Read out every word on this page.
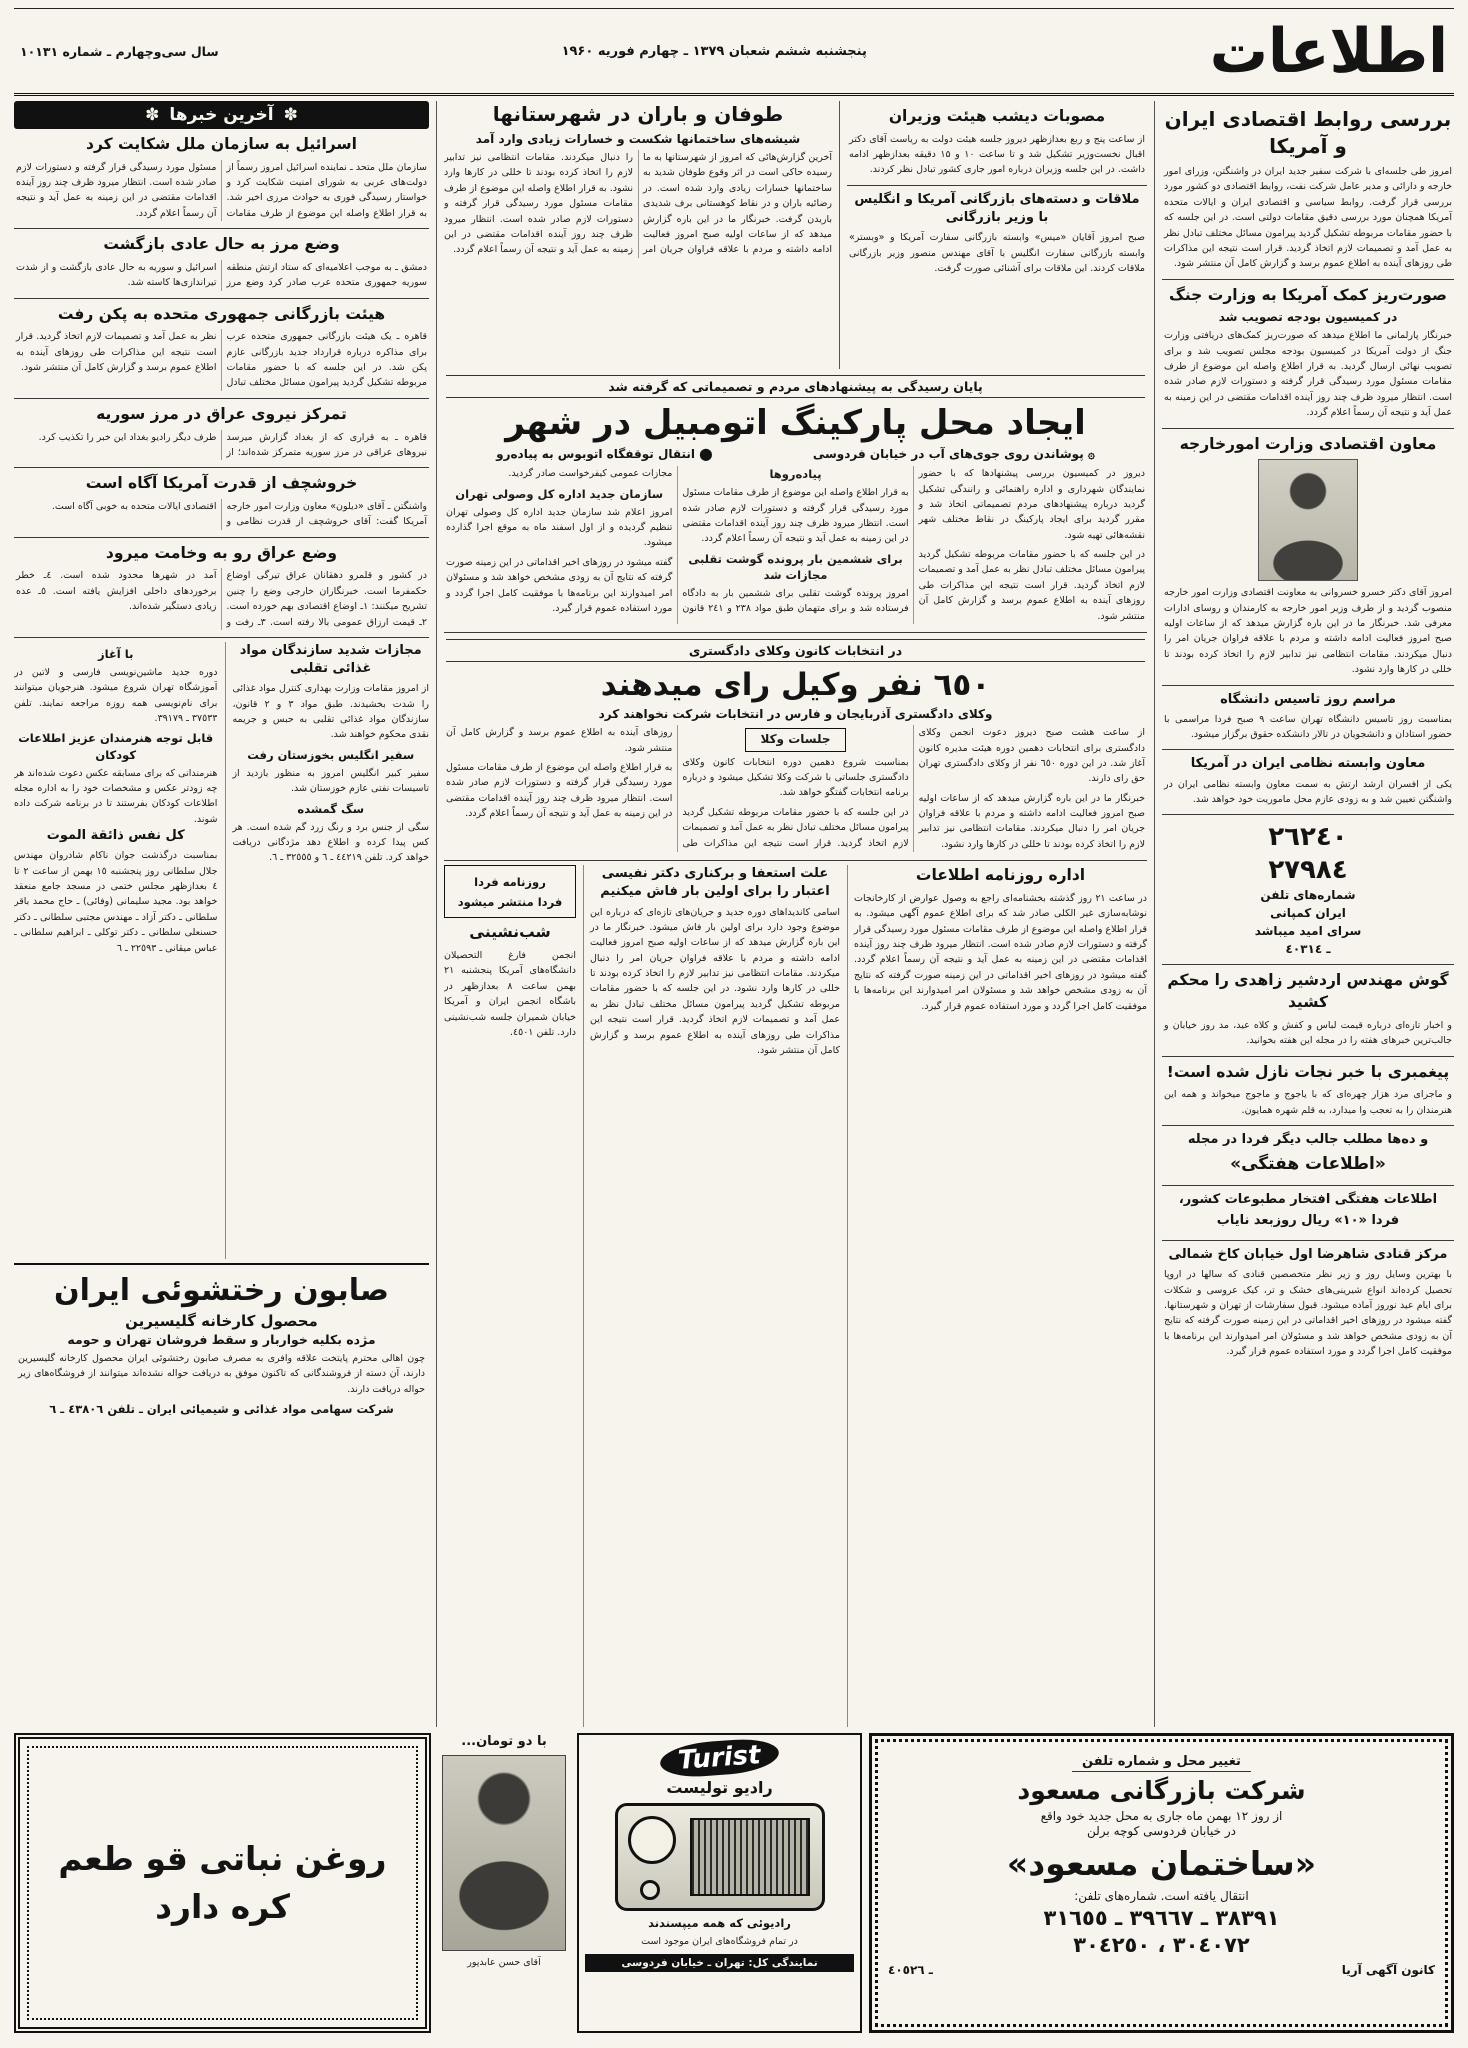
اطلاعات
پنجشنبه ششم شعبان ۱۳۷۹ ـ چهارم فوریه ۱۹۶۰
سال سی‌وچهارم ـ شماره ۱۰۱۳۱
بررسی روابط اقتصادی ایران و آمریکا
امروز طی جلسه‌ای با شرکت سفیر جدید ایران در واشنگتن، وزرای امور خارجه و دارائی و مدیر عامل شرکت نفت، روابط اقتصادی دو کشور مورد بررسی قرار گرفت. روابط سیاسی و اقتصادی ایران و ایالات متحده آمریکا همچنان مورد بررسی دقیق مقامات دولتی است. در این جلسه که با حضور مقامات مربوطه تشکیل گردید پیرامون مسائل مختلف تبادل نظر به عمل آمد و تصمیمات لازم اتخاذ گردید. قرار است نتیجه این مذاکرات طی روزهای آینده به اطلاع عموم برسد و گزارش کامل آن منتشر شود.
صورت‌ریز کمک آمریکا به وزارت جنگ
در کمیسیون بودجه تصویب شد
خبرنگار پارلمانی ما اطلاع میدهد که صورت‌ریز کمک‌های دریافتی وزارت جنگ از دولت آمریکا در کمیسیون بودجه مجلس تصویب شد و برای تصویب نهائی ارسال گردید. به قرار اطلاع واصله این موضوع از طرف مقامات مسئول مورد رسیدگی قرار گرفته و دستورات لازم صادر شده است. انتظار میرود ظرف چند روز آینده اقدامات مقتضی در این زمینه به عمل آید و نتیجه آن رسماً اعلام گردد.
معاون اقتصادی وزارت امورخارجه
امروز آقای دکتر خسرو خسروانی به معاونت اقتصادی وزارت امور خارجه منصوب گردید و از طرف وزیر امور خارجه به کارمندان و روسای ادارات معرفی شد. خبرنگار ما در این باره گزارش میدهد که از ساعات اولیه صبح امروز فعالیت ادامه داشته و مردم با علاقه فراوان جریان امر را دنبال میکردند. مقامات انتظامی نیز تدابیر لازم را اتخاذ کرده بودند تا خللی در کارها وارد نشود.
مراسم روز تاسیس دانشگاه
بمناسبت روز تاسیس دانشگاه تهران ساعت ۹ صبح فردا مراسمی با حضور استادان و دانشجویان در تالار دانشکده حقوق برگزار میشود.
معاون وابسته نظامی ایران در آمریکا
یکی از افسران ارشد ارتش به سمت معاون وابسته نظامی ایران در واشنگتن تعیین شد و به زودی عازم محل ماموریت خود خواهد شد.
۲٦۲٤۰
۲۷۹۸٤
شماره‌های تلفن
ایران کمپانی
سرای امید میباشد
ـ ٤۰۳۱٤
گوش مهندس اردشیر زاهدی را محکم کشید
و اخبار تازه‌ای درباره قیمت لباس و کفش و کلاه عید، مد روز خیابان و جالب‌ترین خبرهای هفته را در مجله این هفته بخوانید.
پیغمبری با خبر نجات نازل شده است!
و ماجرای مرد هزار چهره‌ای که با یاجوج و ماجوج میخواند و همه این هنرمندان را به تعجب وا میدارد، به قلم شهره همایون.
و ده‌ها مطلب جالب دیگر فردا در مجله
«اطلاعات هفتگی»
اطلاعات هفتگی افتخار مطبوعات کشور،
فردا «۱۰» ریال روزبعد نایاب
مرکز قنادی شاهرضا اول خیابان کاخ شمالی
با بهترین وسایل روز و زیر نظر متخصصین قنادی که سالها در اروپا تحصیل کرده‌اند انواع شیرینی‌های خشک و تر، کیک عروسی و شکلات برای ایام عید نوروز آماده میشود. قبول سفارشات از تهران و شهرستانها. گفته میشود در روزهای اخیر اقداماتی در این زمینه صورت گرفته که نتایج آن به زودی مشخص خواهد شد و مسئولان امر امیدوارند این برنامه‌ها با موفقیت کامل اجرا گردد و مورد استفاده عموم قرار گیرد.
مصوبات دیشب هیئت وزیران
از ساعت پنج و ربع بعدازظهر دیروز جلسه هیئت دولت به ریاست آقای دکتر اقبال نخست‌وزیر تشکیل شد و تا ساعت ۱۰ و ۱۵ دقیقه بعدازظهر ادامه داشت. در این جلسه وزیران درباره امور جاری کشور تبادل نظر کردند.
ملاقات و دسته‌های بازرگانی آمریکا و انگلیس با وزیر بازرگانی
صبح امروز آقایان «میس» وابسته بازرگانی سفارت آمریکا و «وبستر» وابسته بازرگانی سفارت انگلیس با آقای مهندس منصور وزیر بازرگانی ملاقات کردند. این ملاقات برای آشنائی صورت گرفت.
طوفان و باران در شهرستانها
شیشه‌های ساختمانها شکست و خسارات زیادی وارد آمد
آخرین گزارش‌هائی که امروز از شهرستانها به ما رسیده حاکی است در اثر وقوع طوفان شدید به ساختمانها خسارات زیادی وارد شده است. در رضائیه باران و در نقاط کوهستانی برف شدیدی باریدن گرفت. خبرنگار ما در این باره گزارش میدهد که از ساعات اولیه صبح امروز فعالیت ادامه داشته و مردم با علاقه فراوان جریان امر را دنبال میکردند. مقامات انتظامی نیز تدابیر لازم را اتخاذ کرده بودند تا خللی در کارها وارد نشود. به قرار اطلاع واصله این موضوع از طرف مقامات مسئول مورد رسیدگی قرار گرفته و دستورات لازم صادر شده است. انتظار میرود ظرف چند روز آینده اقدامات مقتضی در این زمینه به عمل آید و نتیجه آن رسماً اعلام گردد.
پایان رسیدگی به پیشنهادهای مردم و تصمیماتی که گرفته شد
ایجاد محل پارکینگ اتومبیل در شهر
۞ پوشاندن روی جوی‌های آب در خیابان فردوسی
⬤ انتقال توقفگاه اتوبوس به پیاده‌رو

دیروز در کمیسیون بررسی پیشنهادها که با حضور نمایندگان شهرداری و اداره راهنمائی و رانندگی تشکیل گردید درباره پیشنهادهای مردم تصمیماتی اتخاذ شد و مقرر گردید برای ایجاد پارکینگ در نقاط مختلف شهر نقشه‌هائی تهیه شود.

در این جلسه که با حضور مقامات مربوطه تشکیل گردید پیرامون مسائل مختلف تبادل نظر به عمل آمد و تصمیمات لازم اتخاذ گردید. قرار است نتیجه این مذاکرات طی روزهای آینده به اطلاع عموم برسد و گزارش کامل آن منتشر شود.

پیاده‌روها

به قرار اطلاع واصله این موضوع از طرف مقامات مسئول مورد رسیدگی قرار گرفته و دستورات لازم صادر شده است. انتظار میرود ظرف چند روز آینده اقدامات مقتضی در این زمینه به عمل آید و نتیجه آن رسماً اعلام گردد.

برای ششمین بار پرونده گوشت تقلبی مجازات شد

امروز پرونده گوشت تقلبی برای ششمین بار به دادگاه فرستاده شد و برای متهمان طبق مواد ۲۳۸ و ۲٤۱ قانون مجازات عمومی کیفرخواست صادر گردید.

سازمان جدید اداره کل وصولی تهران

امروز اعلام شد سازمان جدید اداره کل وصولی تهران تنظیم گردیده و از اول اسفند ماه به موقع اجرا گذارده میشود.

گفته میشود در روزهای اخیر اقداماتی در این زمینه صورت گرفته که نتایج آن به زودی مشخص خواهد شد و مسئولان امر امیدوارند این برنامه‌ها با موفقیت کامل اجرا گردد و مورد استفاده عموم قرار گیرد.

در انتخابات کانون وکلای دادگستری
٦٥۰ نفر وکیل رای میدهند
وکلای دادگستری آذربایجان و فارس در انتخابات شرکت نخواهند کرد

از ساعت هشت صبح دیروز دعوت انجمن وکلای دادگستری برای انتخابات دهمین دوره هیئت مدیره کانون آغاز شد. در این دوره ٦٥۰ نفر از وکلای دادگستری تهران حق رای دارند.

خبرنگار ما در این باره گزارش میدهد که از ساعات اولیه صبح امروز فعالیت ادامه داشته و مردم با علاقه فراوان جریان امر را دنبال میکردند. مقامات انتظامی نیز تدابیر لازم را اتخاذ کرده بودند تا خللی در کارها وارد نشود.

جلسات وکلا

بمناسبت شروع دهمین دوره انتخابات کانون وکلای دادگستری جلساتی با شرکت وکلا تشکیل میشود و درباره برنامه انتخابات گفتگو خواهد شد.

در این جلسه که با حضور مقامات مربوطه تشکیل گردید پیرامون مسائل مختلف تبادل نظر به عمل آمد و تصمیمات لازم اتخاذ گردید. قرار است نتیجه این مذاکرات طی روزهای آینده به اطلاع عموم برسد و گزارش کامل آن منتشر شود.

به قرار اطلاع واصله این موضوع از طرف مقامات مسئول مورد رسیدگی قرار گرفته و دستورات لازم صادر شده است. انتظار میرود ظرف چند روز آینده اقدامات مقتضی در این زمینه به عمل آید و نتیجه آن رسماً اعلام گردد.

اداره روزنامه اطلاعات
در ساعت ۲۱ روز گذشته بخشنامه‌ای راجع به وصول عوارض از کارخانجات نوشابه‌سازی غیر الکلی صادر شد که برای اطلاع عموم آگهی میشود. به قرار اطلاع واصله این موضوع از طرف مقامات مسئول مورد رسیدگی قرار گرفته و دستورات لازم صادر شده است. انتظار میرود ظرف چند روز آینده اقدامات مقتضی در این زمینه به عمل آید و نتیجه آن رسماً اعلام گردد. گفته میشود در روزهای اخیر اقداماتی در این زمینه صورت گرفته که نتایج آن به زودی مشخص خواهد شد و مسئولان امر امیدوارند این برنامه‌ها با موفقیت کامل اجرا گردد و مورد استفاده عموم قرار گیرد.
علت استعفا و برکناری دکتر نفیسی اعتبار را برای اولین بار فاش میکنیم
اسامی کاندیداهای دوره جدید و جریان‌های تازه‌ای که درباره این موضوع وجود دارد برای اولین بار فاش میشود. خبرنگار ما در این باره گزارش میدهد که از ساعات اولیه صبح امروز فعالیت ادامه داشته و مردم با علاقه فراوان جریان امر را دنبال میکردند. مقامات انتظامی نیز تدابیر لازم را اتخاذ کرده بودند تا خللی در کارها وارد نشود. در این جلسه که با حضور مقامات مربوطه تشکیل گردید پیرامون مسائل مختلف تبادل نظر به عمل آمد و تصمیمات لازم اتخاذ گردید. قرار است نتیجه این مذاکرات طی روزهای آینده به اطلاع عموم برسد و گزارش کامل آن منتشر شود.
روزنامه فردا
فردا منتشر میشود
شب‌نشینی
انجمن فارغ التحصیلان دانشگاه‌های آمریکا پنجشنبه ۲۱ بهمن ساعت ۸ بعدازظهر در باشگاه انجمن ایران و آمریکا خیابان شمیران جلسه شب‌نشینی دارد. تلفن ٤٥۰۱.
✽
آخرین خبرها
✽
اسرائیل به سازمان ملل شکایت کرد
سازمان ملل متحد ـ نماینده اسرائیل امروز رسماً از دولت‌های عربی به شورای امنیت شکایت کرد و خواستار رسیدگی فوری به حوادث مرزی اخیر شد. به قرار اطلاع واصله این موضوع از طرف مقامات مسئول مورد رسیدگی قرار گرفته و دستورات لازم صادر شده است. انتظار میرود ظرف چند روز آینده اقدامات مقتضی در این زمینه به عمل آید و نتیجه آن رسماً اعلام گردد.
وضع مرز به حال عادی بازگشت
دمشق ـ به موجب اعلامیه‌ای که ستاد ارتش منطقه سوریه جمهوری متحده عرب صادر کرد وضع مرز اسرائیل و سوریه به حال عادی بازگشت و از شدت تیراندازی‌ها کاسته شد.
هیئت بازرگانی جمهوری متحده به پکن رفت
قاهره ـ یک هیئت بازرگانی جمهوری متحده عرب برای مذاکره درباره قرارداد جدید بازرگانی عازم پکن شد. در این جلسه که با حضور مقامات مربوطه تشکیل گردید پیرامون مسائل مختلف تبادل نظر به عمل آمد و تصمیمات لازم اتخاذ گردید. قرار است نتیجه این مذاکرات طی روزهای آینده به اطلاع عموم برسد و گزارش کامل آن منتشر شود.
تمرکز نیروی عراق در مرز سوریه
قاهره ـ به قراری که از بغداد گزارش میرسد نیروهای عراقی در مرز سوریه متمرکز شده‌اند؛ از طرف دیگر رادیو بغداد این خبر را تکذیب کرد.
خروشچف از قدرت آمریکا آگاه است
واشنگتن ـ آقای «دیلون» معاون وزارت امور خارجه آمریکا گفت: آقای خروشچف از قدرت نظامی و اقتصادی ایالات متحده به خوبی آگاه است.
وضع عراق رو به وخامت میرود
در کشور و قلمرو دهقانان عراق تیرگی اوضاع حکمفرما است. خبرنگاران خارجی وضع را چنین تشریح میکنند: ۱ـ اوضاع اقتصادی بهم خورده است. ۲ـ قیمت ارزاق عمومی بالا رفته است. ۳ـ رفت و آمد در شهرها محدود شده است. ٤ـ خطر برخوردهای داخلی افزایش یافته است. ٥ـ عده زیادی دستگیر شده‌اند.
مجازات شدید سازندگان مواد غذائی تقلبی
از امروز مقامات وزارت بهداری کنترل مواد غذائی را شدت بخشیدند. طبق مواد ۳ و ۲ قانون، سازندگان مواد غذائی تقلبی به حبس و جریمه نقدی محکوم خواهند شد.
سفیر انگلیس بخوزستان رفت
سفیر کبیر انگلیس امروز به منظور بازدید از تاسیسات نفتی عازم خوزستان شد.
سگ گمشده
سگی از جنس برد و رنگ زرد گم شده است. هر کس پیدا کرده و اطلاع دهد مژدگانی دریافت خواهد کرد. تلفن ٤٤۲۱۹ ـ ٦ و ۳۲٥٥٥ ـ ٦.
با آغاز
دوره جدید ماشین‌نویسی فارسی و لاتین در آموزشگاه تهران شروع میشود. هنرجویان میتوانند برای نام‌نویسی همه روزه مراجعه نمایند. تلفن ۳۷٥۳۳ ـ ۳۹۱۷۹.
قابل توجه هنرمندان عزیز اطلاعات کودکان
هنرمندانی که برای مسابقه عکس دعوت شده‌اند هر چه زودتر عکس و مشخصات خود را به اداره مجله اطلاعات کودکان بفرستند تا در برنامه شرکت داده شوند.
کل نفس ذائقة الموت
بمناسبت درگذشت جوان ناکام شادروان مهندس جلال سلطانی روز پنجشنبه ۱٥ بهمن از ساعت ۲ تا ٤ بعدازظهر مجلس ختمی در مسجد جامع منعقد خواهد بود. مجید سلیمانی (وفائی) ـ حاج محمد باقر سلطانی ـ دکتر آزاد ـ مهندس مجتبی سلطانی ـ دکتر حسنعلی سلطانی ـ دکتر توکلی ـ ابراهیم سلطانی ـ عباس میقانی ـ ۲۲٥۹۳ ـ ٦
صابون رختشوئی ایران
محصول کارخانه گلیسیرین
مژده بکلیه خواربار و سقط فروشان تهران و حومه
چون اهالی محترم پایتخت علاقه وافری به مصرف صابون رختشوئی ایران محصول کارخانه گلیسیرین دارند، آن دسته از فروشندگانی که تاکنون موفق به دریافت حواله نشده‌اند میتوانند از فروشگاه‌های زیر حواله دریافت دارند.
شرکت سهامی مواد غذائی و شیمیائی ایران ـ تلفن ٤۳۸۰٦ ـ ٦
تغییر محل و شماره تلفن
شرکت بازرگانی مسعود
از روز ۱۲ بهمن ماه جاری به محل جدید خود واقع
در خیابان فردوسی کوچه برلن
«ساختمان مسعود»
انتقال یافته است. شماره‌های تلفن:
۳۸۳۹۱ ـ ۳۹٦٦۷ ـ ۳۱٦٥٥
۳۰٤۰۷۲ ، ۳۰٤۲٥۰
کانون آگهی آریا
ـ ٤۰٥۲٦
Turist
رادیو تولیست
رادیوئی که همه میپسندند
در تمام فروشگاه‌های ایران موجود است
نمایندگی کل: تهران ـ خیابان فردوسی
با دو تومان...
آقای حسن عابدپور
روغن نباتی قو طعم کره دارد
